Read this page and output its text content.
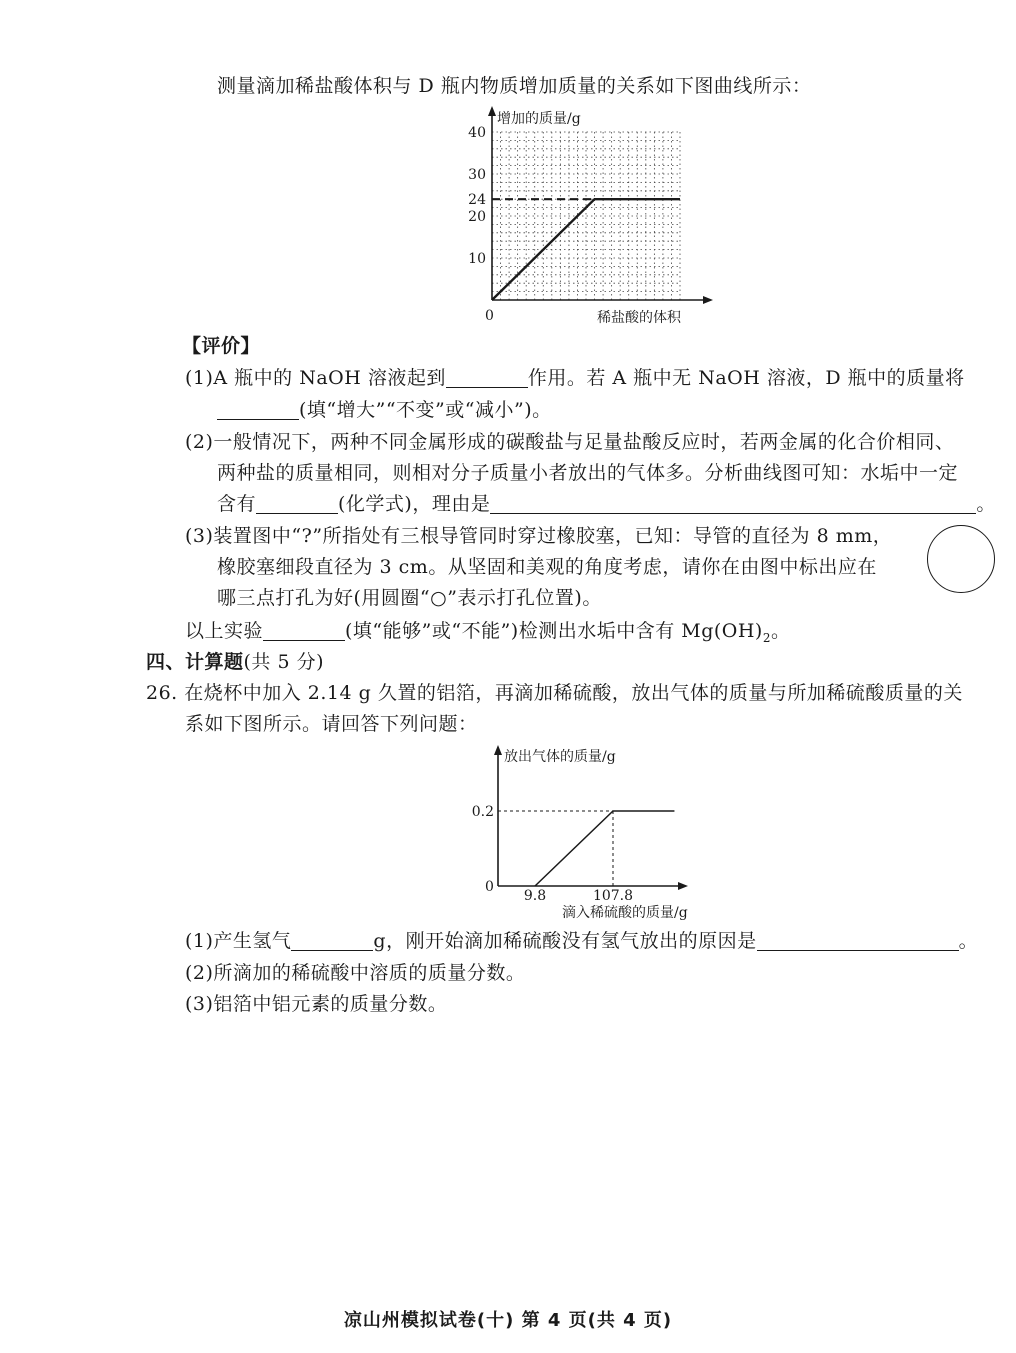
测量滴加稀盐酸体积与 D 瓶内物质增加质量的关系如下图曲线所示：
增加的质量/g
0	稀盐酸的体积
40
30
24
20
10
【评价】
(1)A 瓶中的 NaOH 溶液起到	作用。若 A 瓶中无 NaOH 溶液，D 瓶中的质量将
(填“增大”“不变”或“减小”)。
(2)一般情况下，两种不同金属形成的碳酸盐与足量盐酸反应时，若两金属的化合价相同、
两种盐的质量相同，则相对分子质量小者放出的气体多。分析曲线图可知：水垢中一定
含有	(化学式)，理由是	。
(3)装置图中“?”所指处有三根导管同时穿过橡胶塞，已知：导管的直径为 8 mm，
橡胶塞细段直径为 3 cm。从坚固和美观的角度考虑，请你在由图中标出应在
哪三点打孔为好(用圆圈“○”表示打孔位置)。
以上实验	(填“能够”或“不能”)检测出水垢中含有 $Mg(OH)_2$。
四、计算题(共 5 分)
26. 在烧杯中加入 2.14 g 久置的铝箔，再滴加稀硫酸，放出气体的质量与所加稀硫酸质量的关
系如下图所示。请回答下列问题：
放出气体的质量/g
0
滴入稀硫酸的质量/g
0.2
9.8	107.8
(1)产生氢气	g，刚开始滴加稀硫酸没有氢气放出的原因是	。
(2)所滴加的稀硫酸中溶质的质量分数。
(3)铝箔中铝元素的质量分数。
凉山州模拟试卷(十) 第 4 页(共 4 页)
